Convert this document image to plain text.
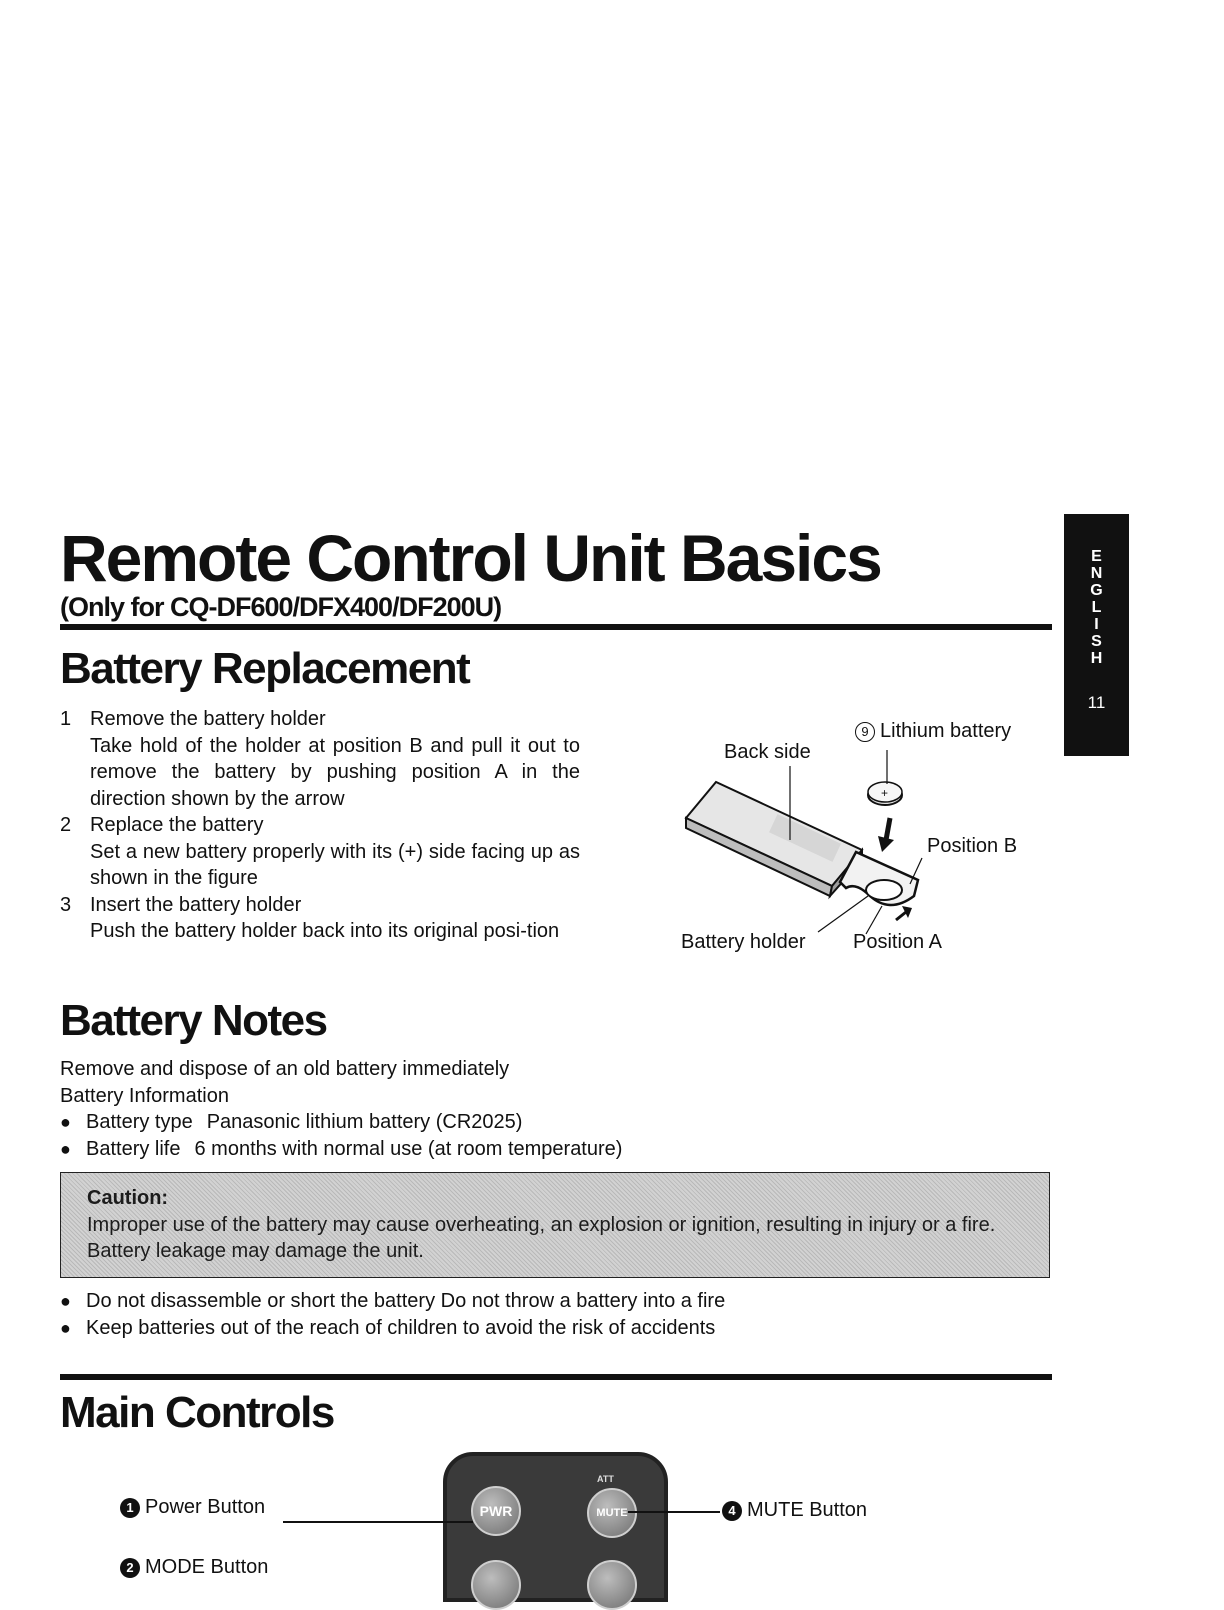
Remote Control Unit Basics
(Only for CQ-DF600/DFX400/DF200U)
E
N
G
L
I
S
H
11
Battery Replacement
1 Remove the battery holder
Take hold of the holder at position B and pull it out to remove the battery by pushing position A in the direction shown by the arrow
2 Replace the battery
Set a new battery properly with its (+) side facing up as shown in the figure
3 Insert the battery holder
Push the battery holder back into its original posi-tion
+
9 Lithium battery
Back side
Position B
Battery holder Position A
Battery Notes
Remove and dispose of an old battery immediately
Battery Information
● Battery type Panasonic lithium battery (CR2025)
● Battery life 6 months with normal use (at room temperature)
Caution:
Improper use of the battery may cause overheating, an explosion or ignition, resulting in injury or a fire. Battery leakage may damage the unit.
● Do not disassemble or short the battery Do not throw a battery into a fire
● Keep batteries out of the reach of children to avoid the risk of accidents
Main Controls
PWR
ATT
MUTE
1 Power Button	4 MUTE Button
2 MODE Button
